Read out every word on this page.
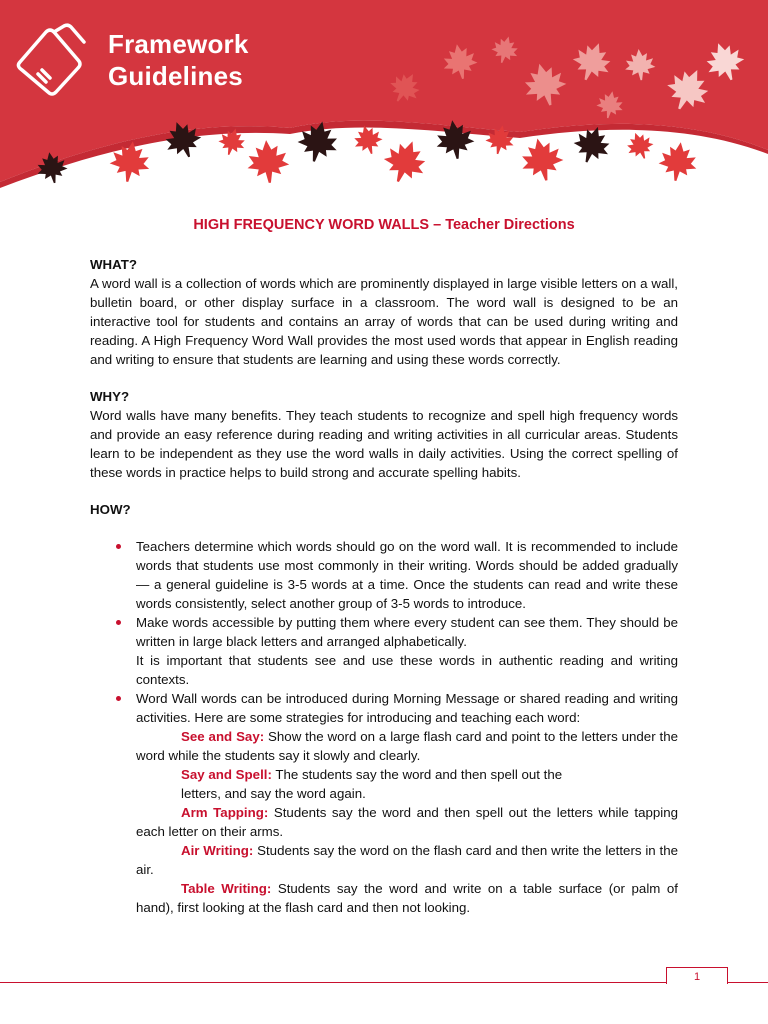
Framework
Guidelines
HIGH FREQUENCY WORD WALLS – Teacher Directions
WHAT?

A word wall is a collection of words which are prominently displayed in large visible letters on a wall, bulletin board, or other display surface in a classroom. The word wall is designed to be an interactive tool for students and contains an array of words that can be used during writing and reading. A High Frequency Word Wall provides the most used words that appear in English reading and writing to ensure that students are learning and using these words correctly.

WHY?

Word walls have many benefits. They teach students to recognize and spell high frequency words and provide an easy reference during reading and writing activities in all curricular areas. Students learn to be independent as they use the word walls in daily activities. Using the correct spelling of these words in practice helps to build strong and accurate spelling habits.

HOW?
Teachers determine which words should go on the word wall. It is recommended to include words that students use most commonly in their writing. Words should be added gradually — a general guideline is 3-5 words at a time. Once the students can read and write these words consistently, select another group of 3-5 words to introduce.
Make words accessible by putting them where every student can see them. They should be written in large black letters and arranged alphabetically.
It is important that students see and use these words in authentic reading and writing contexts.
Word Wall words can be introduced during Morning Message or shared reading and writing activities. Here are some strategies for introducing and teaching each word:
See and Say: Show the word on a large flash card and point to the letters under the word while the students say it slowly and clearly.
Say and Spell: The students say the word and then spell out the
letters, and say the word again.
Arm Tapping: Students say the word and then spell out the letters while tapping each letter on their arms.
Air Writing: Students say the word on the flash card and then write the letters in the air.
Table Writing: Students say the word and write on a table surface (or palm of hand), first looking at the flash card and then not looking.
1
